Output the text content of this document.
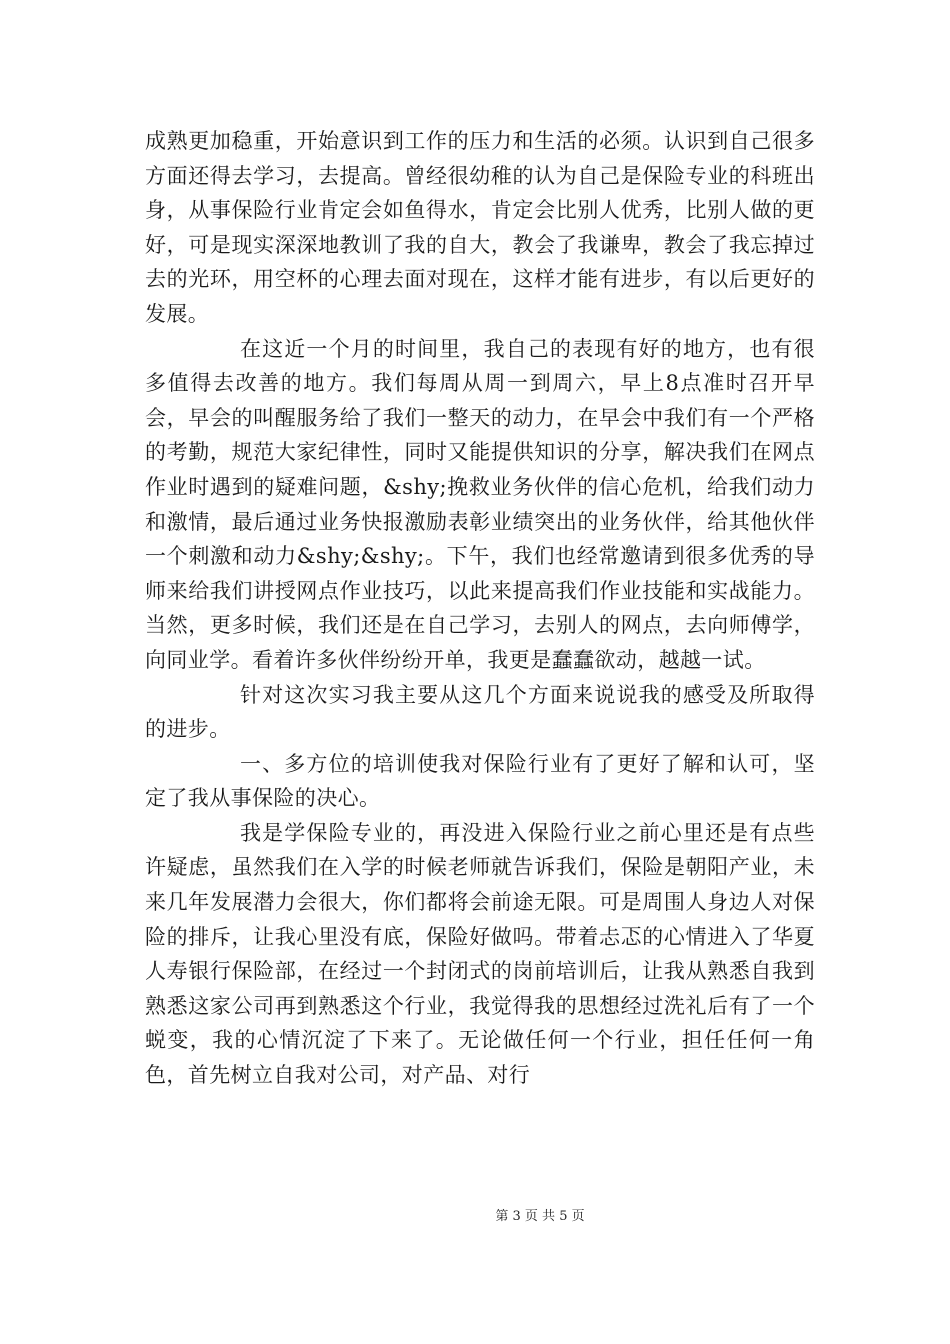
成熟更加稳重，开始意识到工作的压力和生活的必须。认识到自己很多方面还得去学习，去提高。曾经很幼稚的认为自己是保险专业的科班出身，从事保险行业肯定会如鱼得水，肯定会比别人优秀，比别人做的更好，可是现实深深地教训了我的自大，教会了我谦卑，教会了我忘掉过去的光环，用空杯的心理去面对现在，这样才能有进步，有以后更好的发展。

在这近一个月的时间里，我自己的表现有好的地方，也有很多值得去改善的地方。我们每周从周一到周六，早上8点准时召开早会，早会的叫醒服务给了我们一整天的动力，在早会中我们有一个严格的考勤，规范大家纪律性，同时又能提供知识的分享，解决我们在网点作业时遇到的疑难问题，&shy;挽救业务伙伴的信心危机，给我们动力和激情，最后通过业务快报激励表彰业绩突出的业务伙伴，给其他伙伴一个刺激和动力&shy;&shy;。下午，我们也经常邀请到很多优秀的导师来给我们讲授网点作业技巧，以此来提高我们作业技能和实战能力。当然，更多时候，我们还是在自己学习，去别人的网点，去向师傅学，向同业学。看着许多伙伴纷纷开单，我更是蠢蠢欲动，越越一试。

针对这次实习我主要从这几个方面来说说我的感受及所取得的进步。

一、多方位的培训使我对保险行业有了更好了解和认可，坚定了我从事保险的决心。

我是学保险专业的，再没进入保险行业之前心里还是有点些许疑虑，虽然我们在入学的时候老师就告诉我们，保险是朝阳产业，未来几年发展潜力会很大，你们都将会前途无限。可是周围人身边人对保险的排斥，让我心里没有底，保险好做吗。带着忐忑的心情进入了华夏人寿银行保险部，在经过一个封闭式的岗前培训后，让我从熟悉自我到熟悉这家公司再到熟悉这个行业，我觉得我的思想经过洗礼后有了一个蜕变，我的心情沉淀了下来了。无论做任何一个行业，担任任何一角色，首先树立自我对公司，对产品、对行

第 3 页 共 5 页
